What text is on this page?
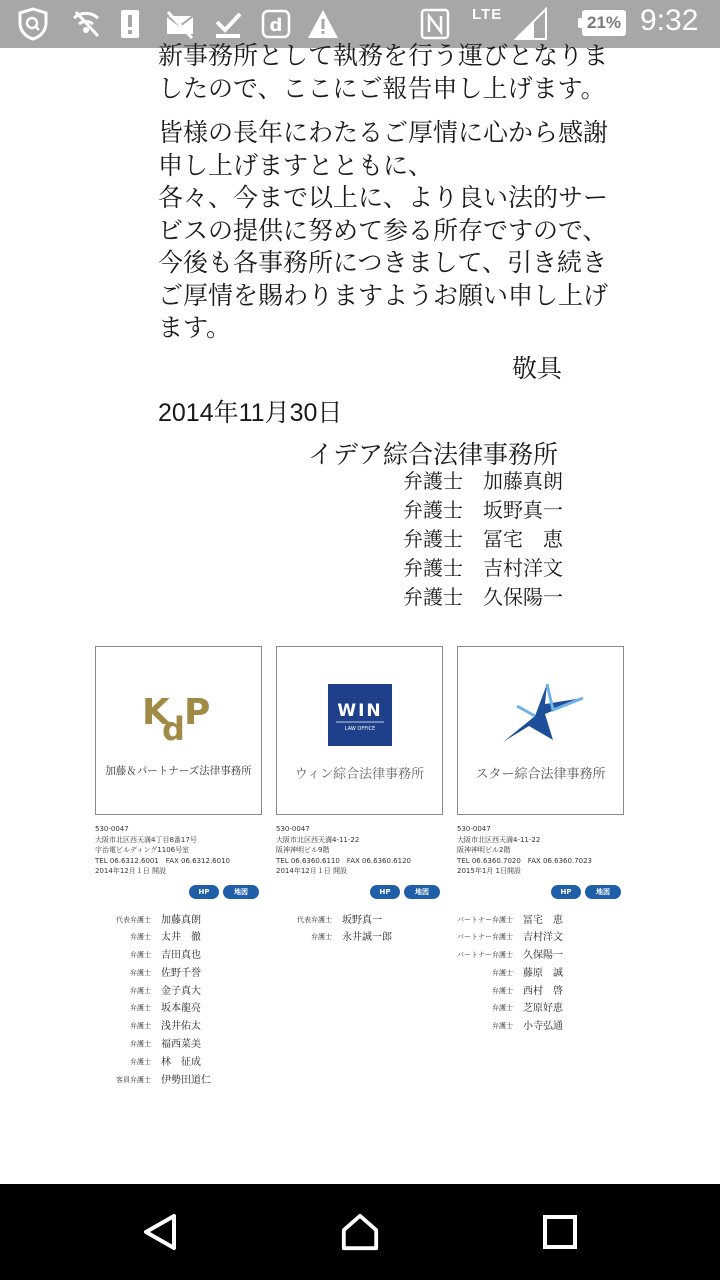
d
LTE	21% 9:32

新事務所として執務を行う運びとなりま
したので、ここにご報告申し上げます。

皆様の長年にわたるご厚情に心から感謝
申し上げますとともに、
各々、今まで以上に、より良い法的サー
ビスの提供に努めて参る所存ですので、
今後も各事務所につきまして、引き続き
ご厚情を賜わりますようお願い申し上げ
ます。

敬具
2014年11月30日
イデア綜合法律事務所
弁護士	加藤真朗
弁護士	坂野真一
弁護士	冨宅　恵
弁護士	吉村洋文
弁護士	久保陽一
K
d P
加藤＆パートナーズ法律事務所
530-0047
大阪市北区西天満4丁目8番17号
宇治電ビルディング1106号室
TEL 06.6312.6001　FAX 06.6312.6010
2014年12月１日 開設
HP	地図
代表弁護士	加藤真朗
弁護士	太井　徹
弁護士	吉田真也
弁護士	佐野千誉
弁護士	金子真大
弁護士	坂本龍亮
弁護士	浅井佑太
弁護士	福西菜美
弁護士	林　征成
客員弁護士	伊勢田道仁
WIN
LAW OFFICE
ウィン綜合法律事務所
530-0047
大阪市北区西天満4-11-22
阪神神明ビル9階
TEL 06.6360.6110　FAX 06.6360.6120
2014年12月１日 開設
HP	地図
代表弁護士	坂野真一
弁護士	永井誠一郎
スター綜合法律事務所
530-0047
大阪市北区西天満4-11-22
阪神神明ビル2階
TEL 06.6360.7020　FAX 06.6360.7023
2015年1月 1日開設
HP	地図
パートナー弁護士	冨宅　恵
パートナー弁護士	吉村洋文
パートナー弁護士	久保陽一
弁護士	藤原　誠
弁護士	西村　啓
弁護士	芝原好恵
弁護士	小寺弘通
